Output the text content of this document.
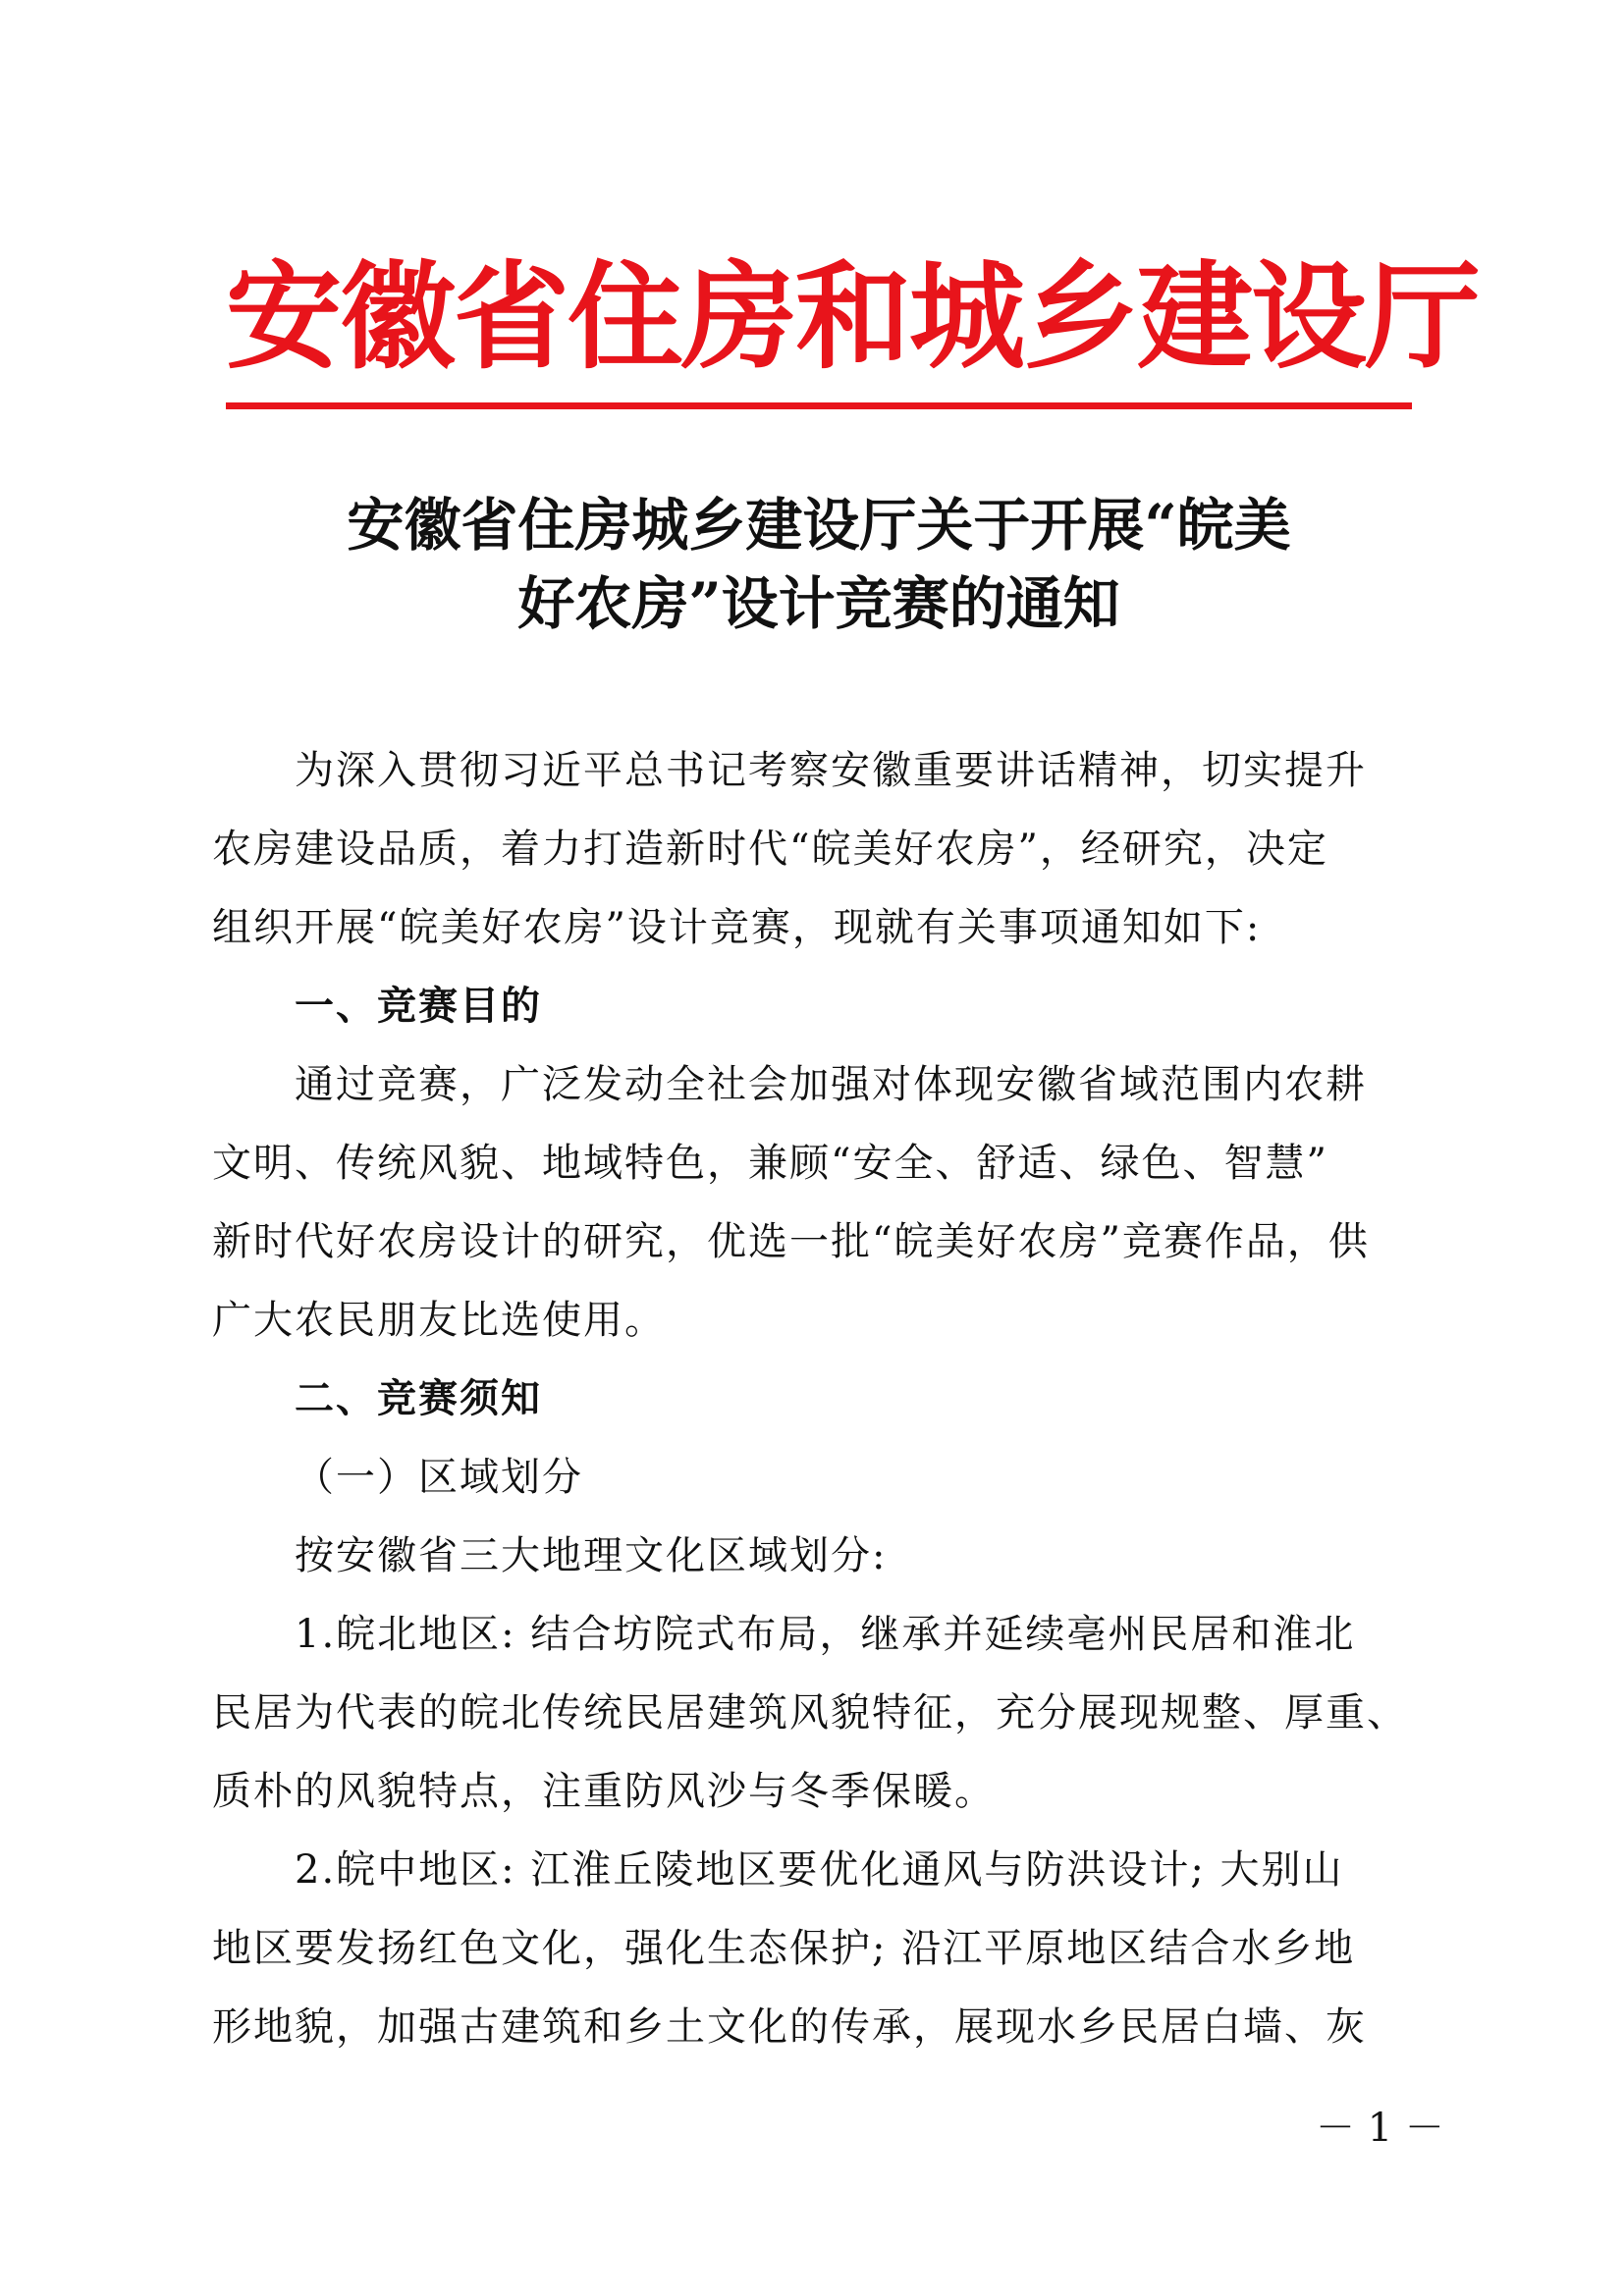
安徽省住房和城乡建设厅
安徽省住房城乡建设厅关于开展“皖美
好农房”设计竞赛的通知
为深入贯彻习近平总书记考察安徽重要讲话精神，切实提升
农房建设品质，着力打造新时代“皖美好农房”，经研究，决定
组织开展“皖美好农房”设计竞赛，现就有关事项通知如下:
一、竞赛目的
通过竞赛，广泛发动全社会加强对体现安徽省域范围内农耕
文明、传统风貌、地域特色，兼顾“安全、舒适、绿色、智慧”
新时代好农房设计的研究，优选一批“皖美好农房”竞赛作品，供
广大农民朋友比选使用。
二、竞赛须知
（一）区域划分
按安徽省三大地理文化区域划分:
1.皖北地区: 结合坊院式布局，继承并延续亳州民居和淮北
民居为代表的皖北传统民居建筑风貌特征，充分展现规整、厚重、
质朴的风貌特点，注重防风沙与冬季保暖。
2.皖中地区: 江淮丘陵地区要优化通风与防洪设计; 大别山
地区要发扬红色文化，强化生态保护; 沿江平原地区结合水乡地
形地貌，加强古建筑和乡土文化的传承，展现水乡民居白墙、灰
－ 1 －
